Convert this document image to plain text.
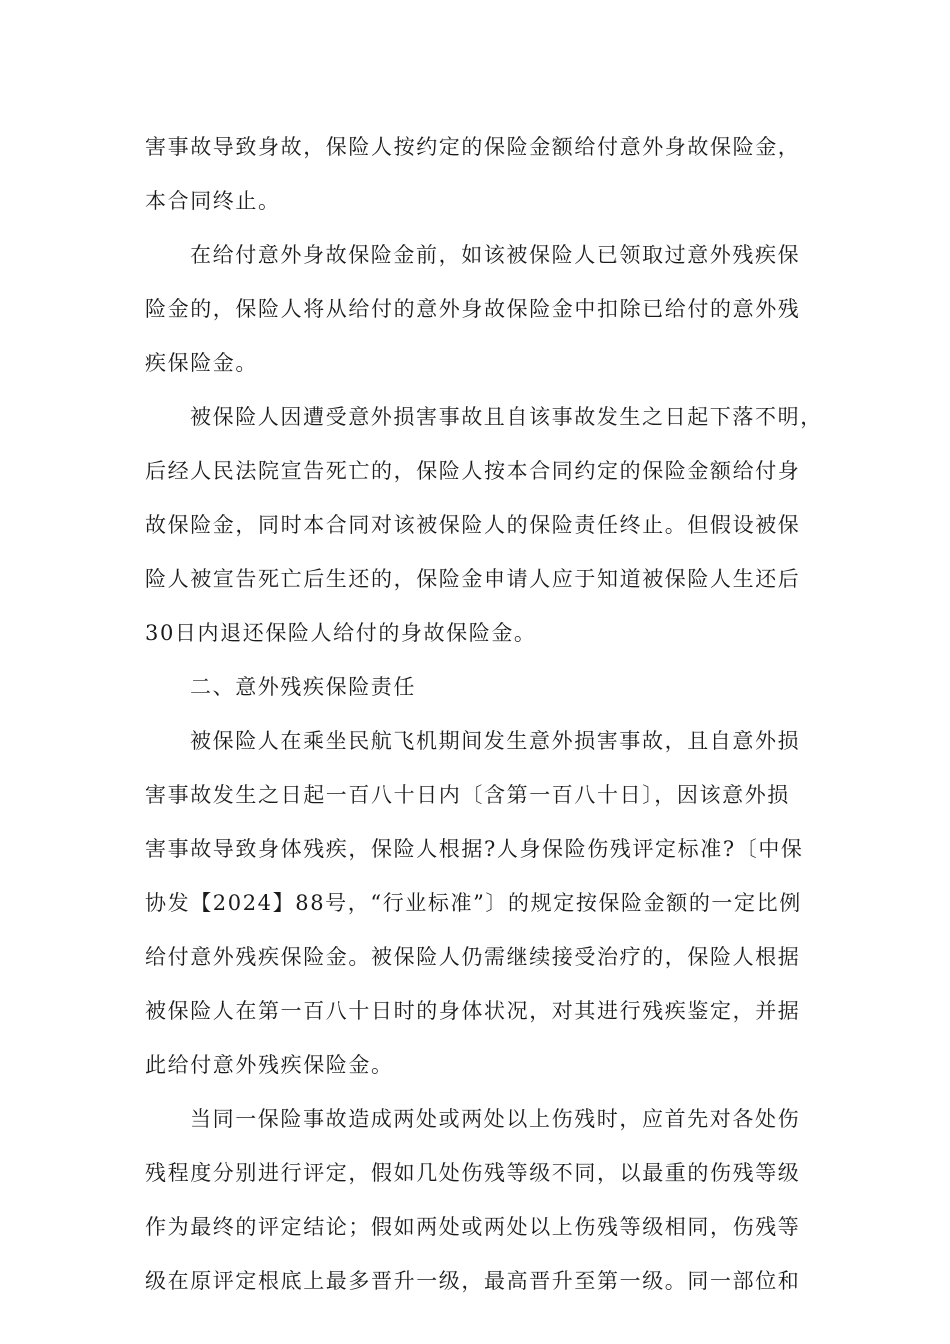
害事故导致身故，保险人按约定的保险金额给付意外身故保险金，
本合同终止。
在给付意外身故保险金前，如该被保险人已领取过意外残疾保
险金的，保险人将从给付的意外身故保险金中扣除已给付的意外残
疾保险金。
被保险人因遭受意外损害事故且自该事故发生之日起下落不明，
后经人民法院宣告死亡的，保险人按本合同约定的保险金额给付身
故保险金，同时本合同对该被保险人的保险责任终止。但假设被保
险人被宣告死亡后生还的，保险金申请人应于知道被保险人生还后
30日内退还保险人给付的身故保险金。
二、意外残疾保险责任
被保险人在乘坐民航飞机期间发生意外损害事故，且自意外损
害事故发生之日起一百八十日内〔含第一百八十日〕，因该意外损
害事故导致身体残疾，保险人根据?人身保险伤残评定标准?〔中保
协发【2024】88号，“行业标准”〕的规定按保险金额的一定比例
给付意外残疾保险金。被保险人仍需继续接受治疗的，保险人根据
被保险人在第一百八十日时的身体状况，对其进行残疾鉴定，并据
此给付意外残疾保险金。
当同一保险事故造成两处或两处以上伤残时，应首先对各处伤
残程度分别进行评定，假如几处伤残等级不同，以最重的伤残等级
作为最终的评定结论；假如两处或两处以上伤残等级相同，伤残等
级在原评定根底上最多晋升一级，最高晋升至第一级。同一部位和
